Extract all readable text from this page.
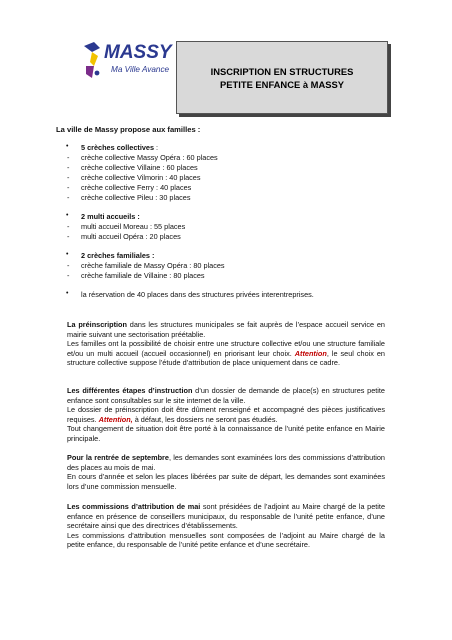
MASSY
Ma Ville Avance	INSCRIPTION EN STRUCTURES
PETITE ENFANCE à MASSY
La ville de Massy propose aux familles :
• 5 crèches collectives :
- crèche collective Massy Opéra : 60 places
- crèche collective Villaine : 60 places
- crèche collective Vilmorin : 40 places
- crèche collective Ferry : 40 places
- crèche collective Pileu : 30 places
• 2 multi accueils :
- multi accueil Moreau : 55 places
- multi accueil Opéra : 20 places
• 2 crèches familiales :
- crèche familiale de Massy Opéra : 80 places
- crèche familiale de Villaine : 80 places
• la réservation de 40 places dans des structures privées interentreprises.

La préinscription dans les structures municipales se fait auprès de l’espace accueil service en mairie suivant une sectorisation préétablie.

Les familles ont la possibilité de choisir entre une structure collective et/ou une structure familiale et/ou un multi accueil (accueil occasionnel) en priorisant leur choix. Attention, le seul choix en structure collective suppose l’étude d’attribution de place uniquement dans ce cadre.

Les différentes étapes d’instruction d’un dossier de demande de place(s) en structures petite enfance sont consultables sur le site internet de la ville.

Le dossier de préinscription doit être dûment renseigné et accompagné des pièces justificatives requises. Attention, à défaut, les dossiers ne seront pas étudiés.

Tout changement de situation doit être porté à la connaissance de l’unité petite enfance en Mairie principale.

Pour la rentrée de septembre, les demandes sont examinées lors des commissions d’attribution des places au mois de mai.

En cours d’année et selon les places libérées par suite de départ, les demandes sont examinées lors d’une commission mensuelle.

Les commissions d’attribution de mai sont présidées de l’adjoint au Maire chargé de la petite enfance en présence de conseillers municipaux, du responsable de l’unité petite enfance, d’une secrétaire ainsi que des directrices d’établissements.

Les commissions d’attribution mensuelles sont composées de l’adjoint au Maire chargé de la petite enfance, du responsable de l’unité petite enfance et d’une secrétaire.
